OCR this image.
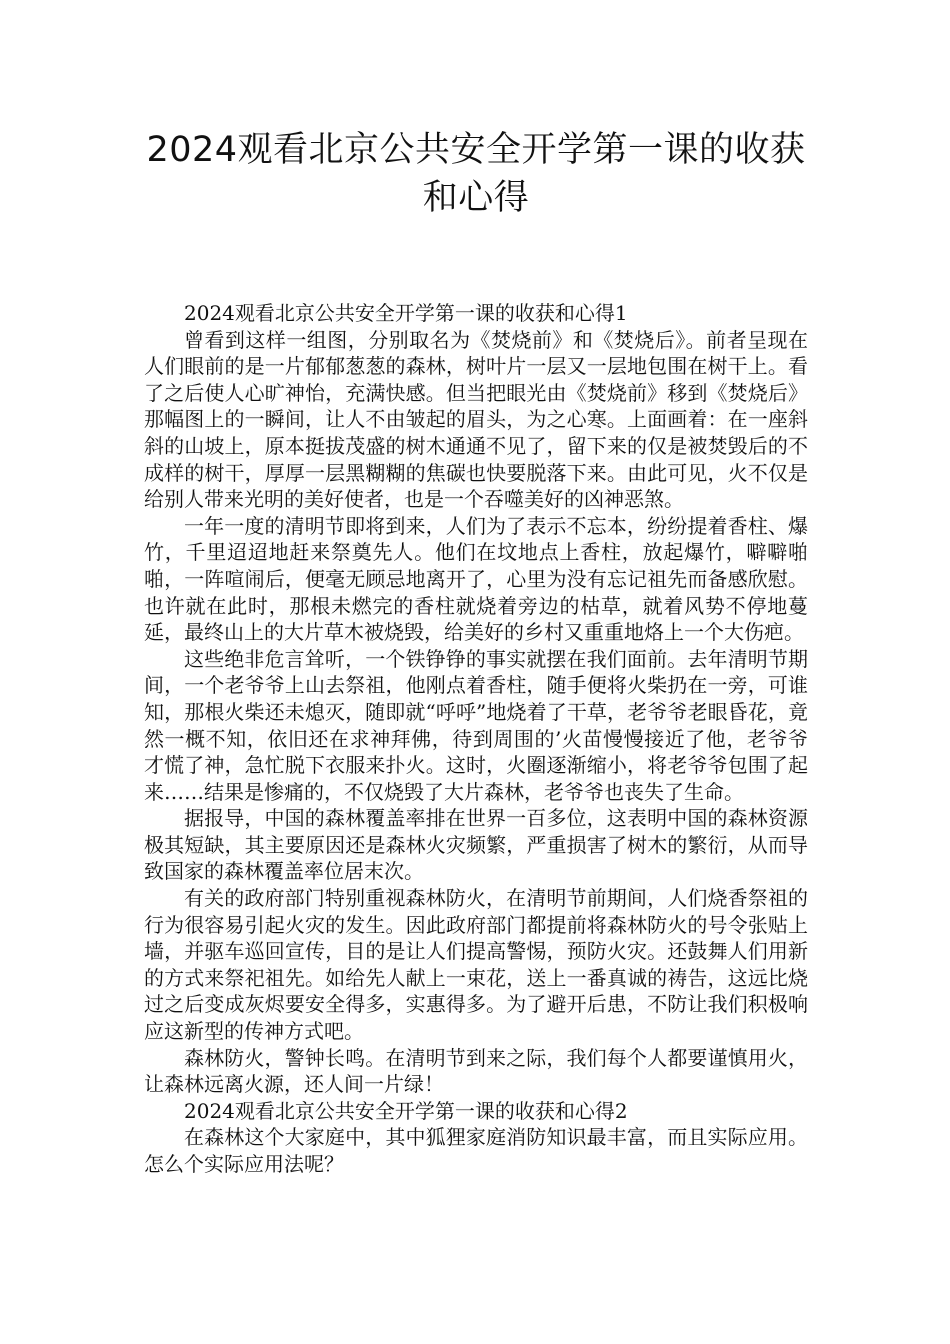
2024观看北京公共安全开学第一课的收获和心得

2024观看北京公共安全开学第一课的收获和心得1

曾看到这样一组图，分别取名为《焚烧前》和《焚烧后》。前者呈现在人们眼前的是一片郁郁葱葱的森林，树叶片一层又一层地包围在树干上。看了之后使人心旷神怡，充满快感。但当把眼光由《焚烧前》移到《焚烧后》那幅图上的一瞬间，让人不由皱起的眉头，为之心寒。上面画着：在一座斜斜的山坡上，原本挺拔茂盛的树木通通不见了，留下来的仅是被焚毁后的不成样的树干，厚厚一层黑糊糊的焦碳也快要脱落下来。由此可见，火不仅是给别人带来光明的美好使者，也是一个吞噬美好的凶神恶煞。

一年一度的清明节即将到来，人们为了表示不忘本，纷纷提着香柱、爆竹，千里迢迢地赶来祭奠先人。他们在坟地点上香柱，放起爆竹，噼噼啪啪，一阵喧闹后，便毫无顾忌地离开了，心里为没有忘记祖先而备感欣慰。也许就在此时，那根未燃完的香柱就烧着旁边的枯草，就着风势不停地蔓延，最终山上的大片草木被烧毁，给美好的乡村又重重地烙上一个大伤疤。

这些绝非危言耸听，一个铁铮铮的事实就摆在我们面前。去年清明节期间，一个老爷爷上山去祭祖，他刚点着香柱，随手便将火柴扔在一旁，可谁知，那根火柴还未熄灭，随即就“呼呼”地烧着了干草，老爷爷老眼昏花，竟然一概不知，依旧还在求神拜佛，待到周围的’火苗慢慢接近了他，老爷爷才慌了神，急忙脱下衣服来扑火。这时，火圈逐渐缩小，将老爷爷包围了起来……结果是惨痛的，不仅烧毁了大片森林，老爷爷也丧失了生命。

据报导，中国的森林覆盖率排在世界一百多位，这表明中国的森林资源极其短缺，其主要原因还是森林火灾频繁，严重损害了树木的繁衍，从而导致国家的森林覆盖率位居末次。

有关的政府部门特别重视森林防火，在清明节前期间，人们烧香祭祖的行为很容易引起火灾的发生。因此政府部门都提前将森林防火的号令张贴上墙，并驱车巡回宣传，目的是让人们提高警惕，预防火灾。还鼓舞人们用新的方式来祭祀祖先。如给先人献上一束花，送上一番真诚的祷告，这远比烧过之后变成灰烬要安全得多，实惠得多。为了避开后患，不防让我们积极响应这新型的传神方式吧。

森林防火，警钟长鸣。在清明节到来之际，我们每个人都要谨慎用火，让森林远离火源，还人间一片绿！

2024观看北京公共安全开学第一课的收获和心得2

在森林这个大家庭中，其中狐狸家庭消防知识最丰富，而且实际应用。怎么个实际应用法呢？
